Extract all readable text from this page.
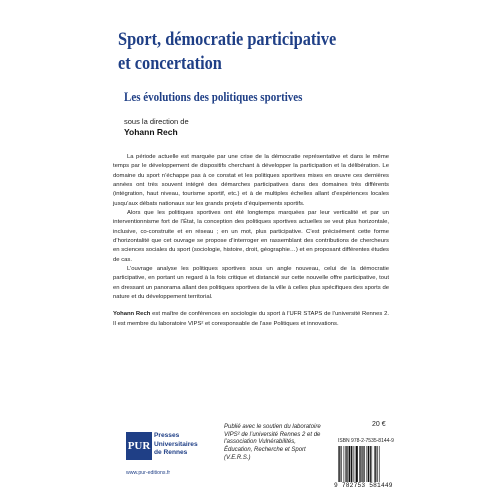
Sport, démocratie participative
et concertation
Les évolutions des politiques sportives
sous la direction de
Yohann Rech

La période actuelle est marquée par une crise de la démocratie représentative et dans le même temps par le développement de dispositifs cherchant à développer la participation et la délibération. Le domaine du sport n’échappe pas à ce constat et les politiques sportives mises en œuvre ces dernières années ont très souvent intégré des démarches participatives dans des domaines très différents (intégration, haut niveau, tourisme sportif, etc.) et à de multiples échelles allant d’expériences locales jusqu’aux débats nationaux sur les grands projets d’équipements sportifs.

Alors que les politiques sportives ont été longtemps marquées par leur verticalité et par un interventionnisme fort de l’État, la conception des politiques sportives actuelles se veut plus horizontale, inclusive, co-construite et en réseau ; en un mot, plus participative. C’est précisément cette forme d’horizontalité que cet ouvrage se propose d’interroger en rassemblant des contributions de chercheurs en sciences sociales du sport (sociologie, histoire, droit, géographie…) et en proposant différentes études de cas.

L’ouvrage analyse les politiques sportives sous un angle nouveau, celui de la démocratie participative, en portant un regard à la fois critique et distancié sur cette nouvelle offre participative, tout en dressant un panorama allant des politiques sportives de la ville à celles plus spécifiques des sports de nature et du développement territorial.

Yohann Rech est maître de conférences en sociologie du sport à l’UFR STAPS de l’université Rennes 2. Il est membre du laboratoire VIPS² et coresponsable de l’axe Politiques et innovations.
20 €
PUR
Presses
Universitaires
de Rennes
www.pur-editions.fr
Publié avec le soutien du laboratoire VIPS² de l’université Rennes 2 et de l’association Vulnérabilités, Éducation, Recherche et Sport (V.E.R.S.)
ISBN 978-2-7535-8144-9
9 782753 581449
